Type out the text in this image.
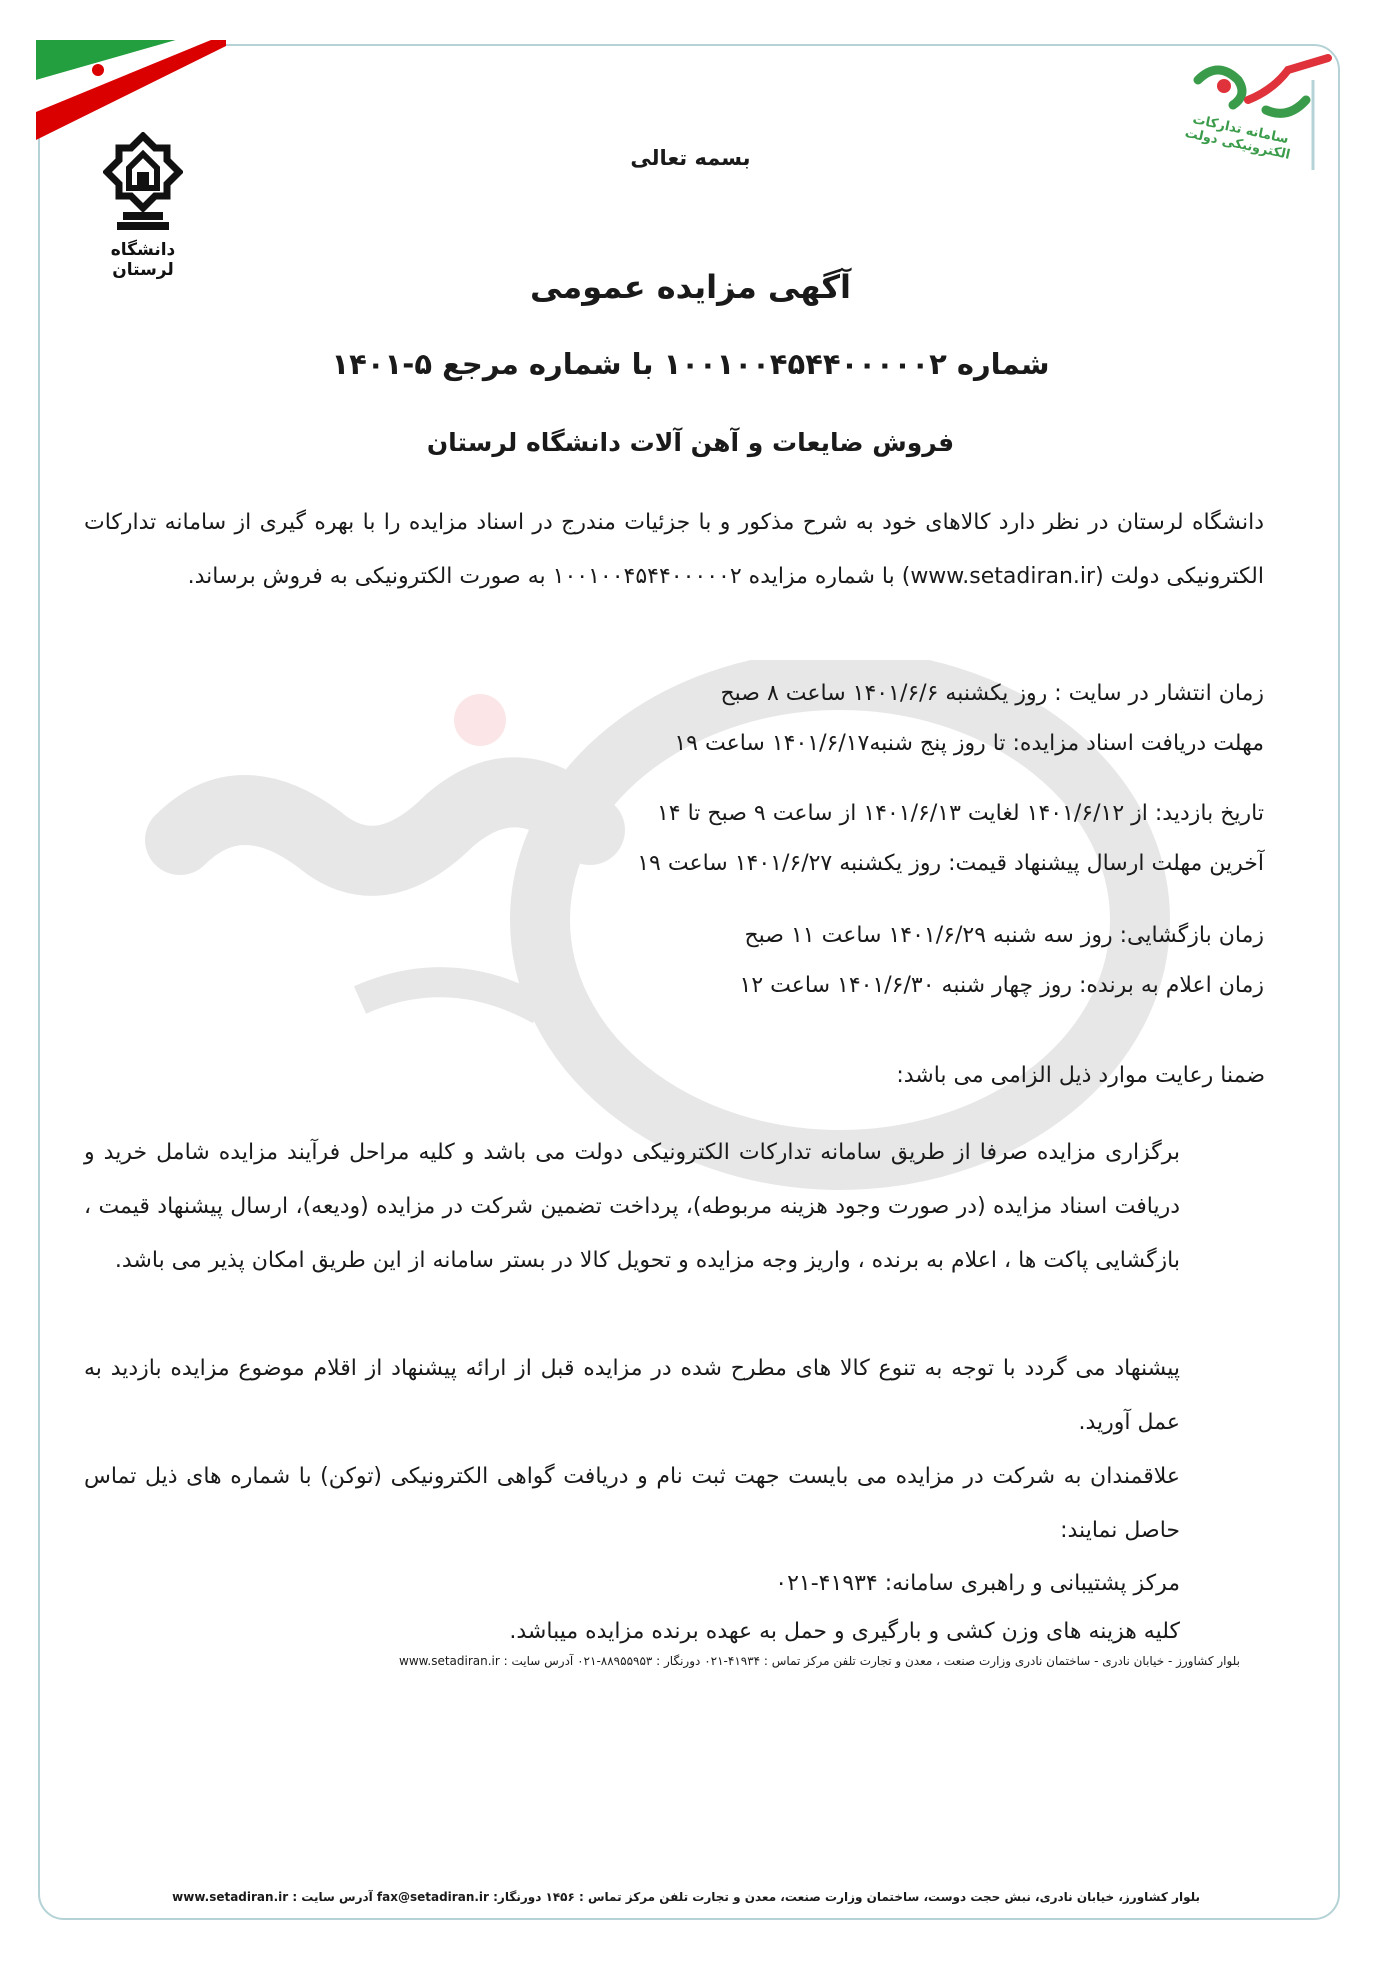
دانشگاه لرستان
سامانه تدارکات الکترونیکی دولت
بسمه تعالی
آگهی مزایده عمومی
شماره ۱۰۰۱۰۰۴۵۴۴۰۰۰۰۰۲ با شماره مرجع ۵-۱۴۰۱
فروش ضایعات و آهن آلات دانشگاه لرستان
دانشگاه لرستان در نظر دارد کالاهای خود به شرح مذکور و با جزئیات مندرج در اسناد مزایده را با بهره گیری از سامانه تدارکات الکترونیکی دولت (www.setadiran.ir) با شماره مزایده ۱۰۰۱۰۰۴۵۴۴۰۰۰۰۰۲ به صورت الکترونیکی به فروش برساند.
زمان انتشار در سایت : روز یکشنبه ۱۴۰۱/۶/۶ ساعت ۸ صبح
مهلت دریافت اسناد مزایده: تا روز پنج شنبه۱۴۰۱/۶/۱۷ ساعت ۱۹
تاریخ بازدید: از ۱۴۰۱/۶/۱۲ لغایت ۱۴۰۱/۶/۱۳ از ساعت ۹ صبح تا ۱۴
آخرین مهلت ارسال پیشنهاد قیمت: روز یکشنبه ۱۴۰۱/۶/۲۷ ساعت ۱۹
زمان بازگشایی: روز سه شنبه ۱۴۰۱/۶/۲۹ ساعت ۱۱ صبح
زمان اعلام به برنده: روز چهار شنبه ۱۴۰۱/۶/۳۰ ساعت ۱۲
ضمنا رعایت موارد ذیل الزامی می باشد:
برگزاری مزایده صرفا از طریق سامانه تدارکات الکترونیکی دولت می باشد و کلیه مراحل فرآیند مزایده شامل خرید و دریافت اسناد مزایده (در صورت وجود هزینه مربوطه)، پرداخت تضمین شرکت در مزایده (ودیعه)، ارسال پیشنهاد قیمت ، بازگشایی پاکت ها ، اعلام به برنده ، واریز وجه مزایده و تحویل کالا در بستر سامانه از این طریق امکان پذیر می باشد.
پیشنهاد می گردد با توجه به تنوع کالا های مطرح شده در مزایده قبل از ارائه پیشنهاد از اقلام موضوع مزایده بازدید به عمل آورید.
علاقمندان به شرکت در مزایده می بایست جهت ثبت نام و دریافت گواهی الکترونیکی (توکن) با شماره های ذیل تماس حاصل نمایند:
مرکز پشتیبانی و راهبری سامانه: ۴۱۹۳۴-۰۲۱
کلیه هزینه های وزن کشی و بارگیری و حمل به عهده برنده مزایده میباشد.
بلوار کشاورز - خیابان نادری - ساختمان نادری وزارت صنعت ، معدن و تجارت تلفن مرکز تماس : ۴۱۹۳۴-۰۲۱ دورنگار : ۸۸۹۵۵۹۵۳-۰۲۱ آدرس سایت : www.setadiran.ir
بلوار کشاورز، خیابان نادری، نبش حجت دوست، ساختمان وزارت صنعت، معدن و تجارت تلفن مرکز تماس : ۱۴۵۶ دورنگار: fax@setadiran.ir آدرس سایت : www.setadiran.ir
